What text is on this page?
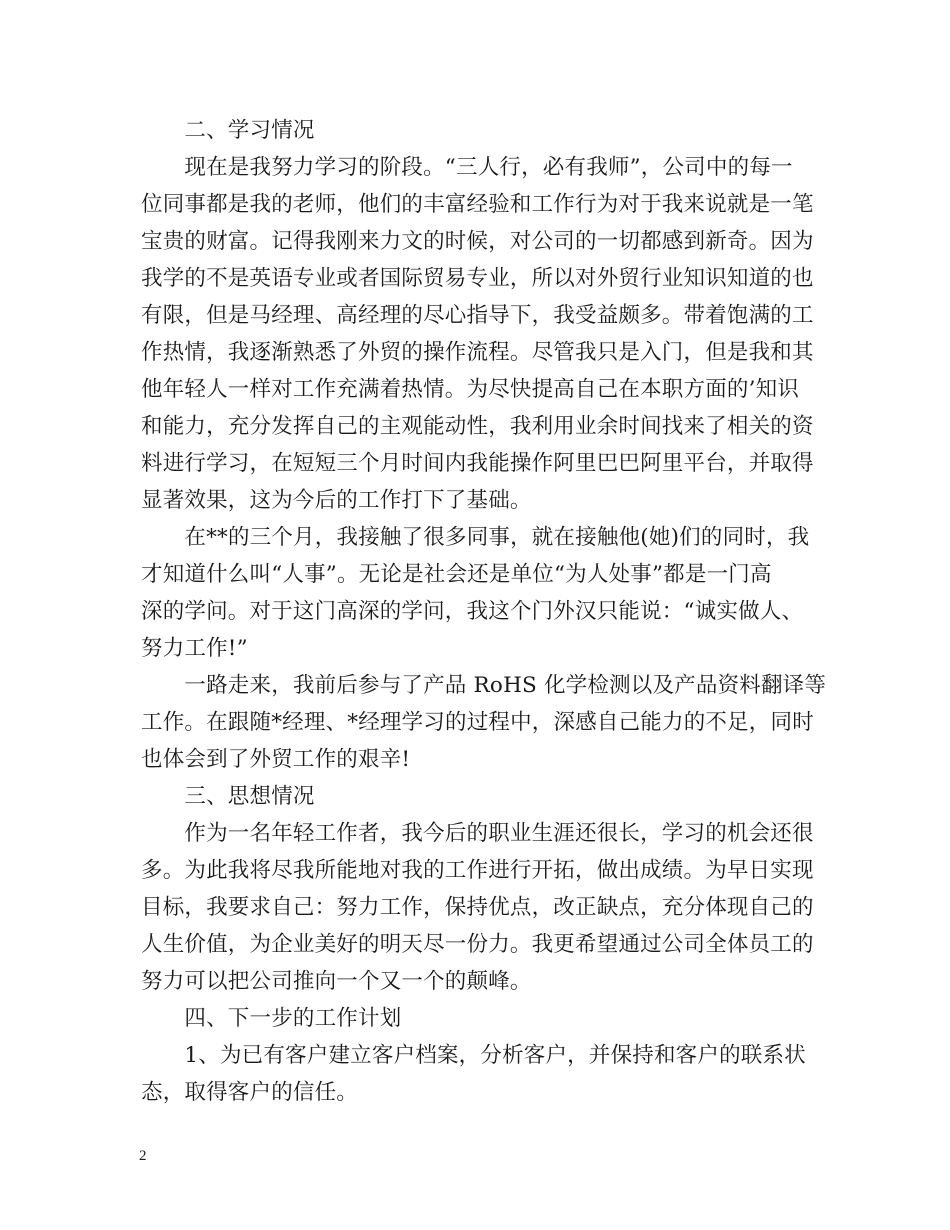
　　二、学习情况
　　现在是我努力学习的阶段。“三人行，必有我师”，公司中的每一
位同事都是我的老师，他们的丰富经验和工作行为对于我来说就是一笔
宝贵的财富。记得我刚来力文的时候，对公司的一切都感到新奇。因为
我学的不是英语专业或者国际贸易专业，所以对外贸行业知识知道的也
有限，但是马经理、高经理的尽心指导下，我受益颇多。带着饱满的工
作热情，我逐渐熟悉了外贸的操作流程。尽管我只是入门，但是我和其
他年轻人一样对工作充满着热情。为尽快提高自己在本职方面的’知识
和能力，充分发挥自己的主观能动性，我利用业余时间找来了相关的资
料进行学习，在短短三个月时间内我能操作阿里巴巴阿里平台，并取得
显著效果，这为今后的工作打下了基础。
　　在**的三个月，我接触了很多同事，就在接触他(她)们的同时，我
才知道什么叫“人事”。无论是社会还是单位“为人处事”都是一门高
深的学问。对于这门高深的学问，我这个门外汉只能说：“诚实做人、
努力工作!”
　　一路走来，我前后参与了产品 RoHS 化学检测以及产品资料翻译等
工作。在跟随*经理、*经理学习的过程中，深感自己能力的不足，同时
也体会到了外贸工作的艰辛!
　　三、思想情况
　　作为一名年轻工作者，我今后的职业生涯还很长，学习的机会还很
多。为此我将尽我所能地对我的工作进行开拓，做出成绩。为早日实现
目标，我要求自己：努力工作，保持优点，改正缺点，充分体现自己的
人生价值，为企业美好的明天尽一份力。我更希望通过公司全体员工的
努力可以把公司推向一个又一个的颠峰。
　　四、下一步的工作计划
　　1、为已有客户建立客户档案，分析客户，并保持和客户的联系状
态，取得客户的信任。
2
